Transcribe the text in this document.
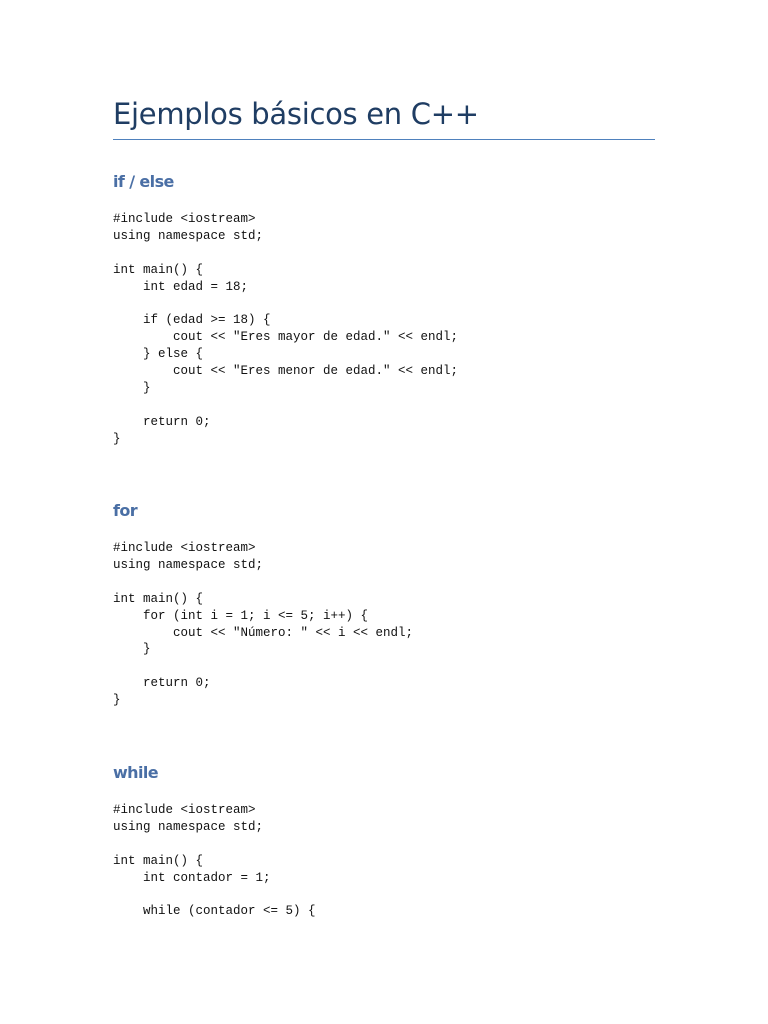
Ejemplos básicos en C++
if / else
#include <iostream>
using namespace std;

int main() {
int edad = 18;

if (edad >= 18) {
cout << "Eres mayor de edad." << endl;
} else {
cout << "Eres menor de edad." << endl;
}

return 0;
}
for
#include <iostream>
using namespace std;

int main() {
for (int i = 1; i <= 5; i++) {
cout << "Número: " << i << endl;
}

return 0;
}
while
#include <iostream>
using namespace std;

int main() {
int contador = 1;

while (contador <= 5) {
